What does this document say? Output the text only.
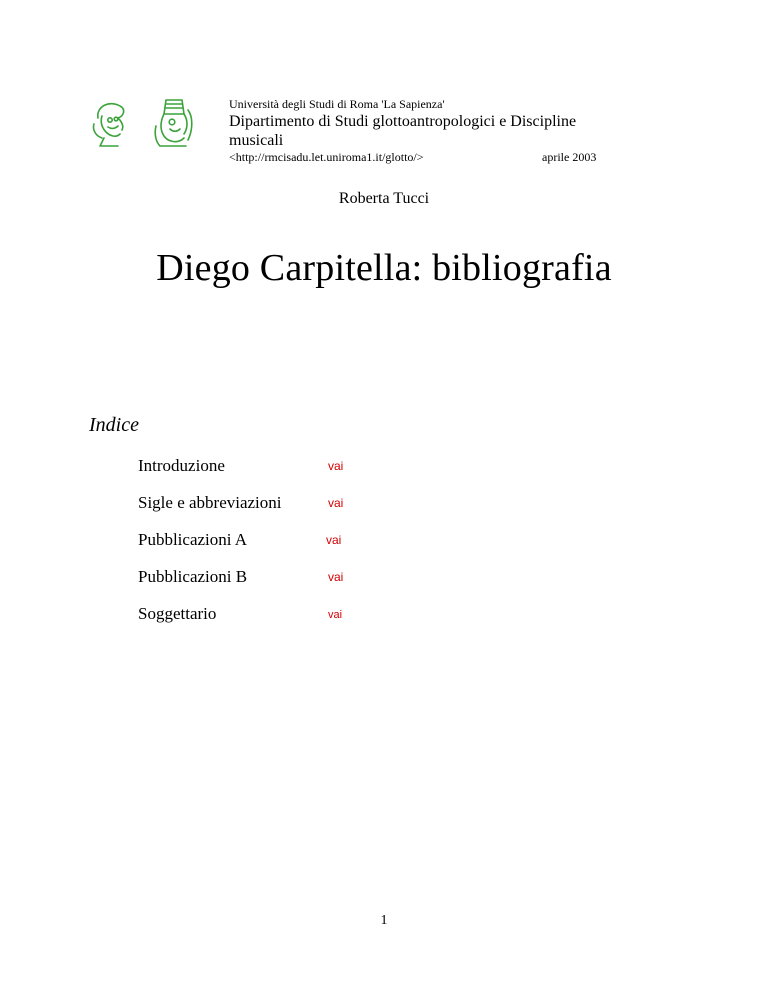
Università degli Studi di Roma 'La Sapienza'
Dipartimento di Studi glottoantropologici e Discipline musicali
<http://rmcisadu.let.uniroma1.it/glotto/>	aprile 2003
Roberta Tucci
Diego Carpitella: bibliografia
Indice
Introduzione	vai
Sigle e abbreviazioni	vai
Pubblicazioni A	vai
Pubblicazioni B	vai
Soggettario	vai
1
